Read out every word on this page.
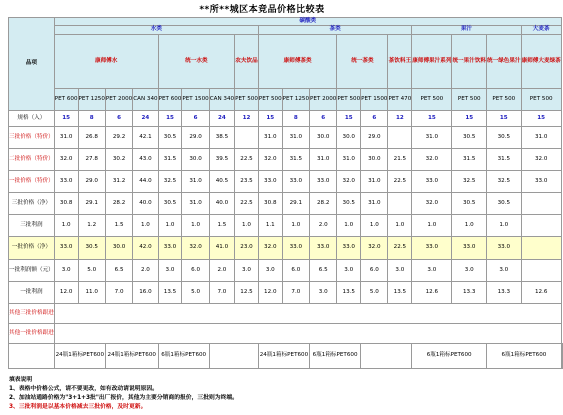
**所**城区本竞品价格比较表
品项	碳酸类																		
	水类								茶类						果汁			大麦茶	
	康师傅水				统一水类			农夫饮品	康师傅茶类			统一茶类		茶饮料王	康师傅果汁系列	统一果汁饮料	统一绿色果汁	康师傅大麦绿茶	
	PET 600	PET 1250	PET 2000	CAN 340	PET 600	PET 1500	CAN 340	PET 500	PET 500	PET 1250	PET 2000	PET 500	PET 1500	PET 470	PET 500	PET 500	PET 500	PET 500	
规格（入）	15	8	6	24	15	6	24	12	15	8	6	15	6	12	15	15	15	15	
三批价格（特价）	31.0	26.8	29.2	42.1	30.5	29.0	38.5		31.0	31.0	30.0	30.0	29.0		31.0	30.5	30.5	31.0	
二批价格（特价）	32.0	27.8	30.2	43.0	31.5	30.0	39.5	22.5	32.0	31.5	31.0	31.0	30.0	21.5	32.0	31.5	31.5	32.0	
一批价格（特价）	33.0	29.0	31.2	44.0	32.5	31.0	40.5	23.5	33.0	33.0	33.0	32.0	31.0	22.5	33.0	32.5	32.5	33.0	
三批价格（净）	30.8	29.1	28.2	40.0	30.5	31.0	40.0	22.5	30.8	29.1	28.2	30.5	31.0		32.0	30.5	30.5		
三批利润	1.0	1.2	1.5	1.0	1.0	1.0	1.5	1.0	1.1	1.0	2.0	1.0	1.0	1.0	1.0	1.0	1.0		
一批价格（净）	33.0	30.5	30.0	42.0	33.0	32.0	41.0	23.0	32.0	33.0	33.0	33.0	32.0	22.5	33.0	33.0	33.0		
一批利润额（元）	3.0	5.0	6.5	2.0	3.0	6.0	2.0	3.0	3.0	6.0	6.5	3.0	6.0	3.0	3.0	3.0	3.0		
一批利润	12.0	11.0	7.0	16.0	13.5	5.0	7.0	12.5	12.0	7.0	3.0	13.5	5.0	13.5	12.6	13.3	13.3	12.6	
其他三批价格跟进																			
其他一批价格跟进																			
	24瓶1箱标PET600		24瓶1箱标PET600		6瓶1箱标PET600				24瓶1箱标PET600		6瓶1箱标PET600				6瓶1箱标PET600		6瓶1箱标PET600		
填表说明
1、表格中价格公式，请不要更改，如有改动请说明原因。
2、加油站通路价格为"3+1+3批"出厂报价，其他为主要分销商的报价，三批则为终端。
3、三批利润是以基本价格减去三批价格，及时更新。
